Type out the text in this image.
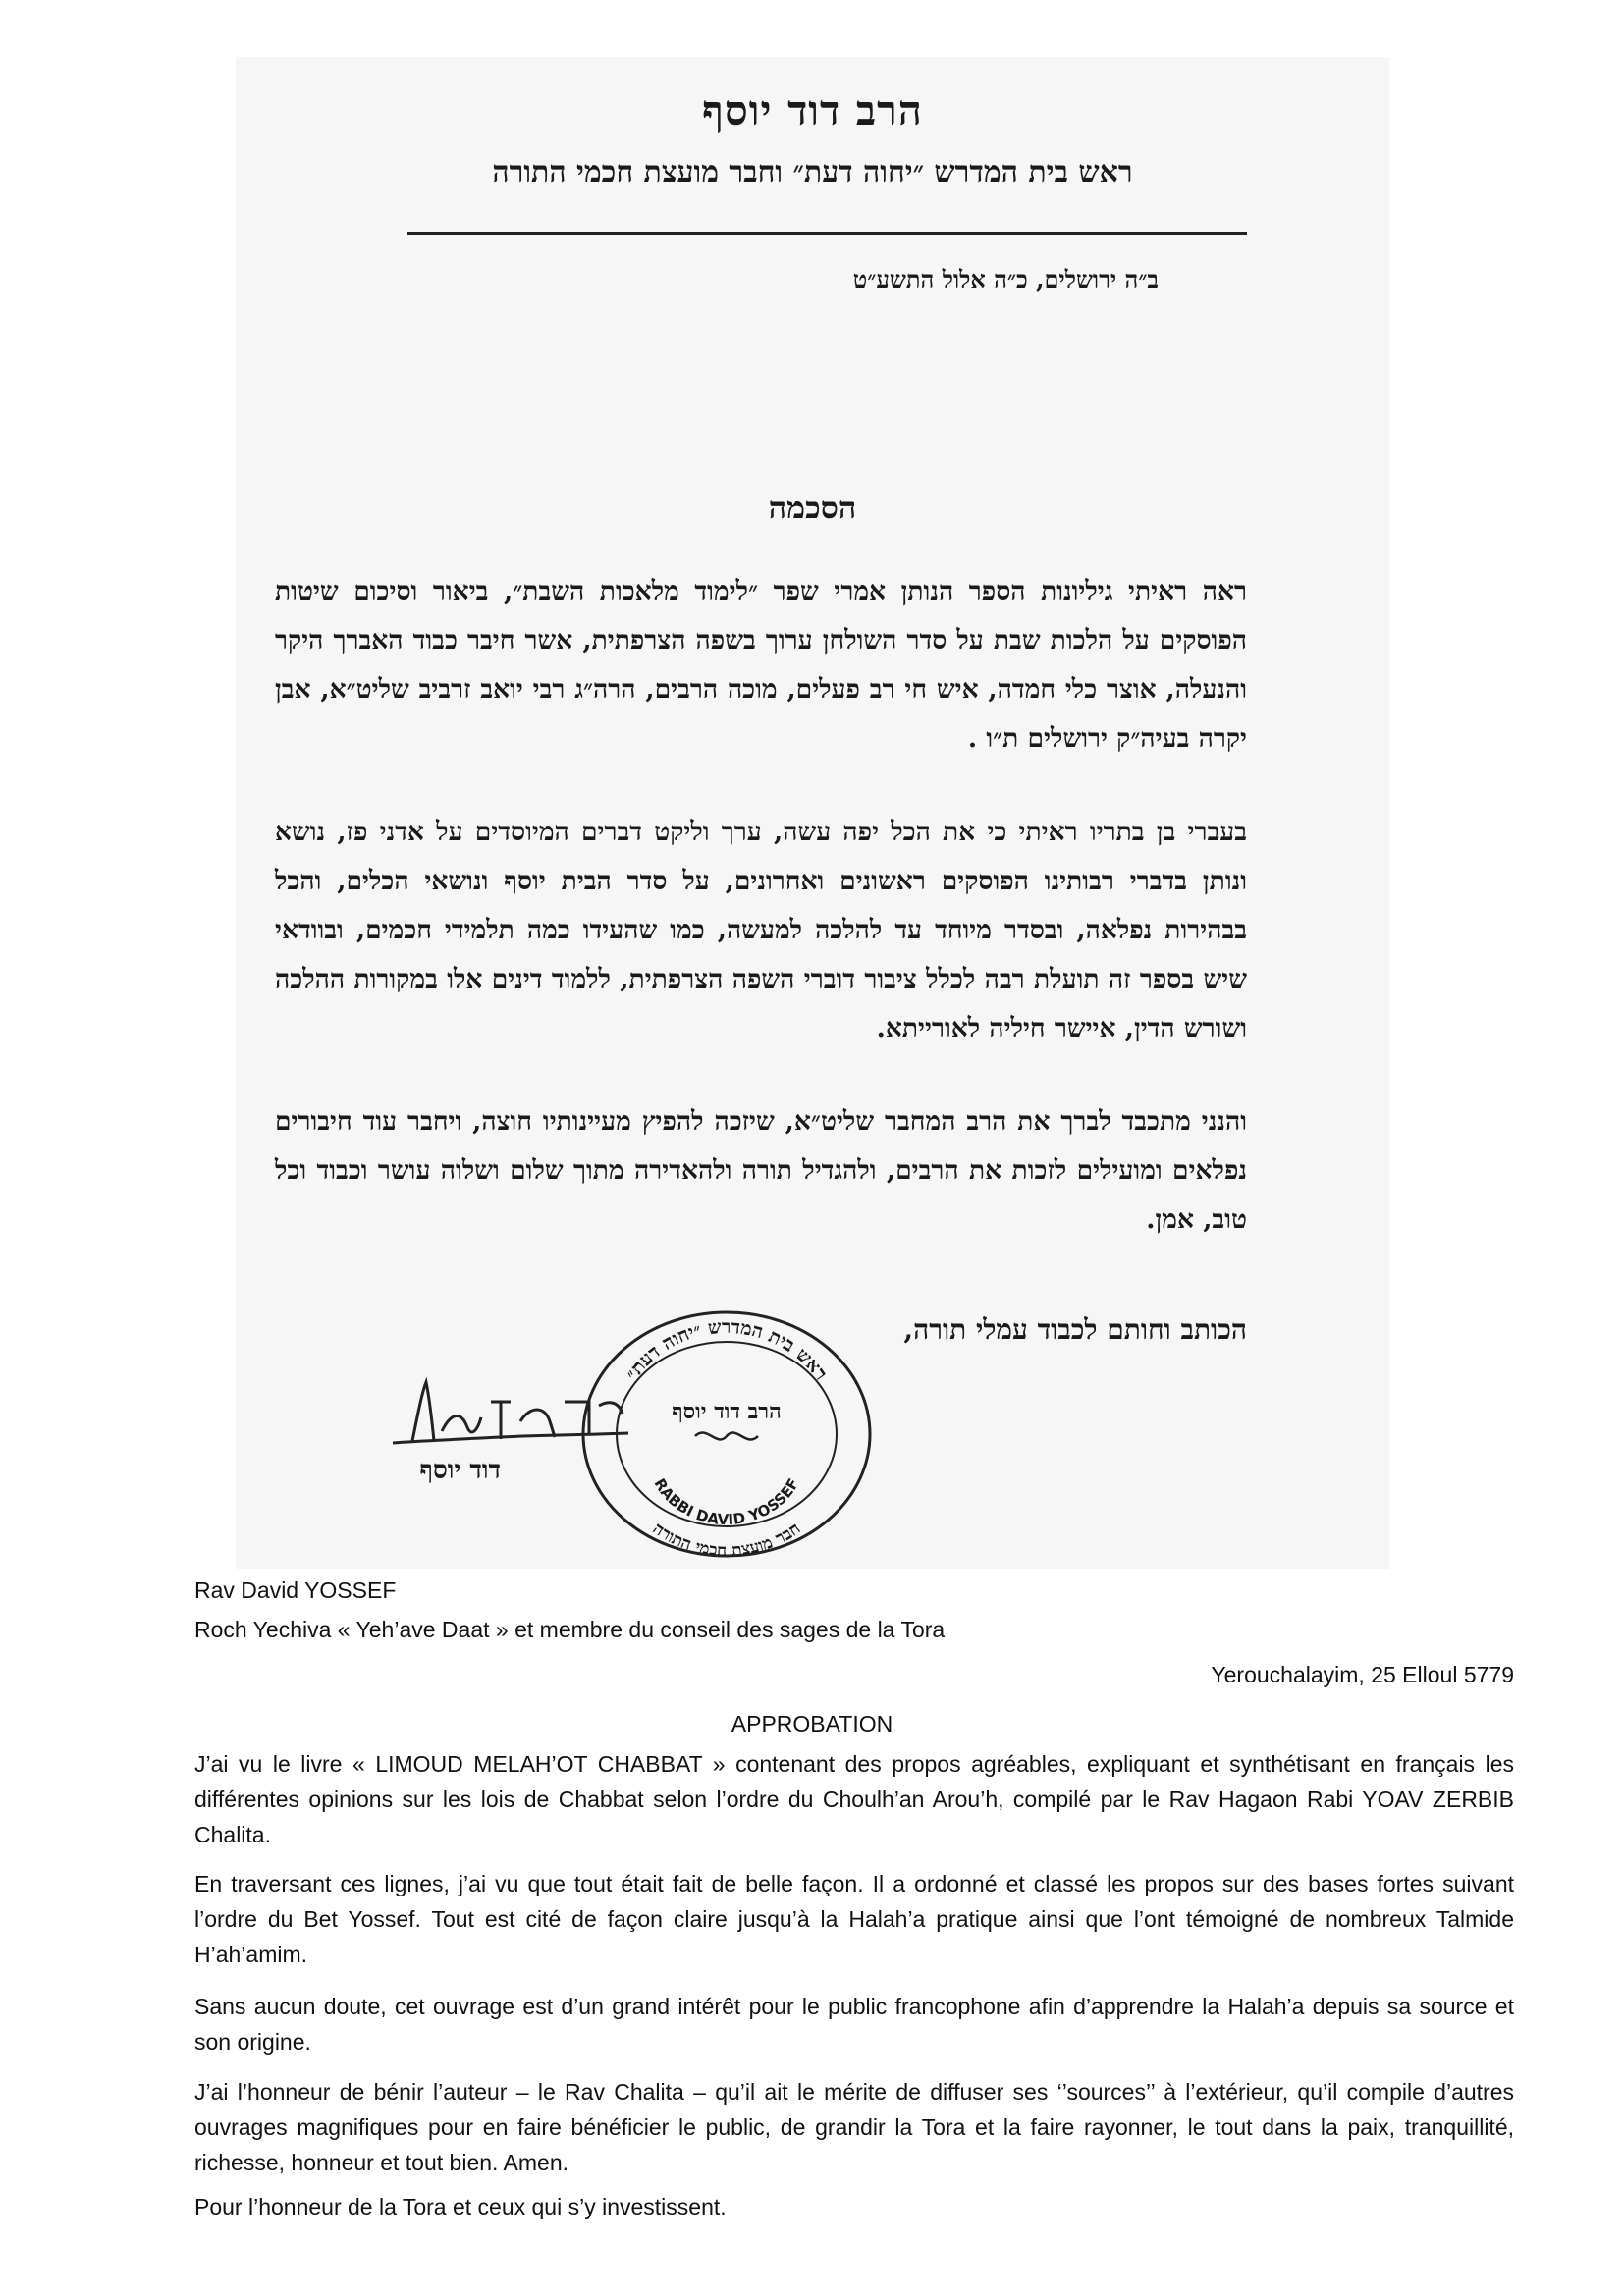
הרב דוד יוסף
ראש בית המדרש ״יחוה דעת״ וחבר מועצת חכמי התורה
ב״ה ירושלים, כ״ה אלול התשע״ט
הסכמה
ראה ראיתי גיליונות הספר הנותן אמרי שפר ״לימוד מלאכות השבת״, ביאור וסיכום שיטות הפוסקים על הלכות שבת על סדר השולחן ערוך בשפה הצרפתית, אשר חיבר כבוד האברך היקר והנעלה, אוצר כלי חמדה, איש חי רב פעלים, מוכה הרבים, הרה״ג רבי יואב זרביב שליט״א, אבן יקרה בעיה״ק ירושלים ת״ו .
בעברי בן בתריו ראיתי כי את הכל יפה עשה, ערך וליקט דברים המיוסדים על אדני פז, נושא ונותן בדברי רבותינו הפוסקים ראשונים ואחרונים, על סדר הבית יוסף ונושאי הכלים, והכל בבהירות נפלאה, ובסדר מיוחד עד להלכה למעשה, כמו שהעידו כמה תלמידי חכמים, ובוודאי שיש בספר זה תועלת רבה לכלל ציבור דוברי השפה הצרפתית, ללמוד דינים אלו במקורות ההלכה ושורש הדין, איישר חיליה לאורייתא.
והנני מתכבד לברך את הרב המחבר שליט״א, שיזכה להפיץ מעיינותיו חוצה, ויחבר עוד חיבורים נפלאים ומועילים לזכות את הרבים, ולהגדיל תורה ולהאדירה מתוך שלום ושלוה עושר וכבוד וכל טוב, אמן.
הכותב וחותם לכבוד עמלי תורה,
דוד יוסף
ראש בית המדרש ״יחוה דעת״
הרב דוד יוסף
RABBI DAVID YOSSEF
חבר מועצת חכמי התורה
Rav David YOSSEF
Roch Yechiva « Yeh’ave Daat » et membre du conseil des sages de la Tora
Yerouchalayim, 25 Elloul 5779
APPROBATION

J’ai vu le livre « LIMOUD MELAH’OT CHABBAT » contenant des propos agréables, expliquant et synthétisant en français les différentes opinions sur les lois de Chabbat selon l’ordre du Choulh’an Arou’h, compilé par le Rav Hagaon Rabi YOAV ZERBIB Chalita.

En traversant ces lignes, j’ai vu que tout était fait de belle façon. Il a ordonné et classé les propos sur des bases fortes suivant l’ordre du Bet Yossef. Tout est cité de façon claire jusqu’à la Halah’a pratique ainsi que l’ont témoigné de nombreux Talmide H’ah’amim.

Sans aucun doute, cet ouvrage est d’un grand intérêt pour le public francophone afin d’apprendre la Halah’a depuis sa source et son origine.

J’ai l’honneur de bénir l’auteur – le Rav Chalita – qu’il ait le mérite de diffuser ses ‘’sources’’ à l’extérieur, qu’il compile d’autres ouvrages magnifiques pour en faire bénéficier le public, de grandir la Tora et la faire rayonner, le tout dans la paix, tranquillité, richesse, honneur et tout bien. Amen.

Pour l’honneur de la Tora et ceux qui s’y investissent.
